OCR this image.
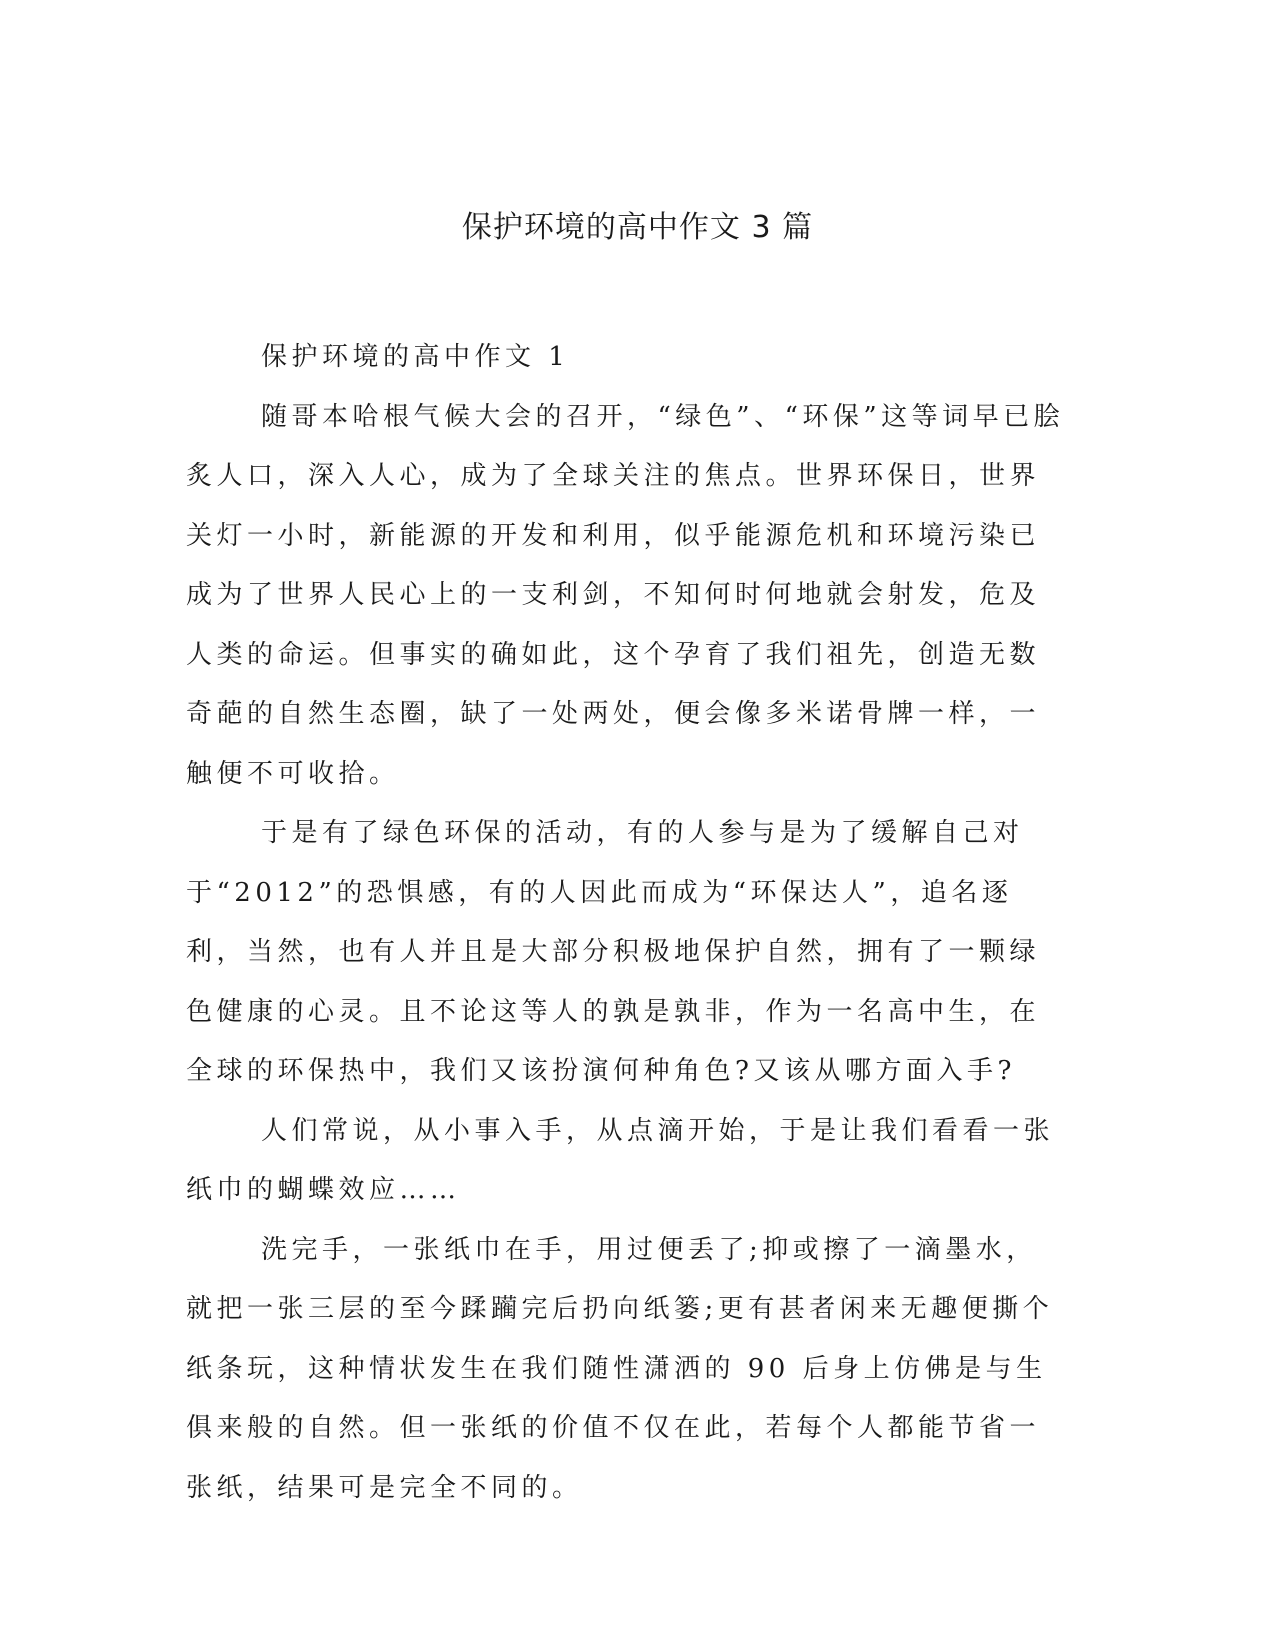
保护环境的高中作文 3 篇

保护环境的高中作文 1

随哥本哈根气候大会的召开，“绿色”、“环保”这等词早已脍炙人口，深入人心，成为了全球关注的焦点。世界环保日，世界关灯一小时，新能源的开发和利用，似乎能源危机和环境污染已成为了世界人民心上的一支利剑，不知何时何地就会射发，危及人类的命运。但事实的确如此，这个孕育了我们祖先，创造无数奇葩的自然生态圈，缺了一处两处，便会像多米诺骨牌一样，一触便不可收拾。

于是有了绿色环保的活动，有的人参与是为了缓解自己对于“2012”的恐惧感，有的人因此而成为“环保达人”，追名逐利，当然，也有人并且是大部分积极地保护自然，拥有了一颗绿色健康的心灵。且不论这等人的孰是孰非，作为一名高中生，在全球的环保热中，我们又该扮演何种角色?又该从哪方面入手?

人们常说，从小事入手，从点滴开始，于是让我们看看一张纸巾的蝴蝶效应……

洗完手，一张纸巾在手，用过便丢了;抑或擦了一滴墨水，就把一张三层的至今蹂躏完后扔向纸篓;更有甚者闲来无趣便撕个纸条玩，这种情状发生在我们随性潇洒的 90 后身上仿佛是与生俱来般的自然。但一张纸的价值不仅在此，若每个人都能节省一张纸，结果可是完全不同的。
